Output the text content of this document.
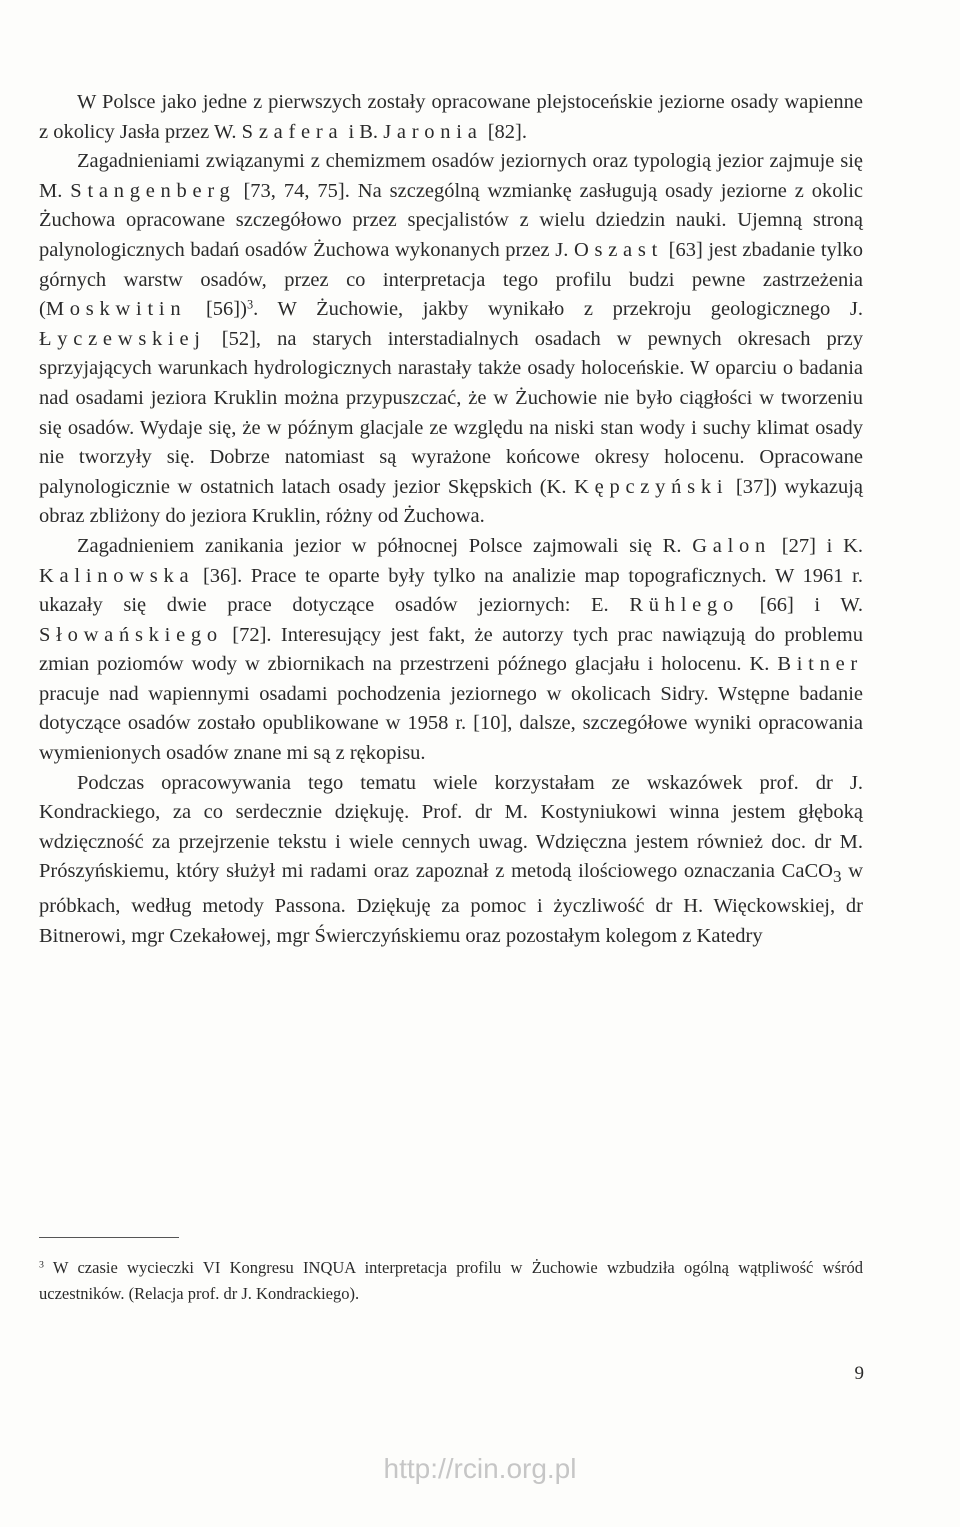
W Polsce jako jedne z pierwszych zostały opracowane plejstoceńskie jeziorne osady wapienne z okolicy Jasła przez W. Szafera i B. Jaronia [82].

Zagadnieniami związanymi z chemizmem osadów jeziornych oraz typologią jezior zajmuje się M. Stangenberg [73, 74, 75]. Na szczególną wzmiankę zasługują osady jeziorne z okolic Żuchowa opracowane szczegółowo przez specjalistów z wielu dziedzin nauki. Ujemną stroną palynologicznych badań osadów Żuchowa wykonanych przez J. Oszast [63] jest zbadanie tylko górnych warstw osadów, przez co interpretacja tego profilu budzi pewne zastrzeżenia (Moskwitin [56])$^3$. W Żuchowie, jakby wynikało z przekroju geologicznego J. Łyczewskiej [52], na starych interstadialnych osadach w pewnych okresach przy sprzyjających warunkach hydrologicznych narastały także osady holoceńskie. W oparciu o badania nad osadami jeziora Kruklin można przypuszczać, że w Żuchowie nie było ciągłości w tworzeniu się osadów. Wydaje się, że w późnym glacjale ze względu na niski stan wody i suchy klimat osady nie tworzyły się. Dobrze natomiast są wyrażone końcowe okresy holocenu. Opracowane palynologicznie w ostatnich latach osady jezior Skępskich (K. Kępczyński [37]) wykazują obraz zbliżony do jeziora Kruklin, różny od Żuchowa.

Zagadnieniem zanikania jezior w północnej Polsce zajmowali się R. Galon [27] i K. Kalinowska [36]. Prace te oparte były tylko na analizie map topograficznych. W 1961 r. ukazały się dwie prace dotyczące osadów jeziornych: E. Rühlego [66] i W. Słowańskiego [72]. Interesujący jest fakt, że autorzy tych prac nawiązują do problemu zmian poziomów wody w zbiornikach na przestrzeni późnego glacjału i holocenu. K. Bitner pracuje nad wapiennymi osadami pochodzenia jeziornego w okolicach Sidry. Wstępne badanie dotyczące osadów zostało opublikowane w 1958 r. [10], dalsze, szczegółowe wyniki opracowania wymienionych osadów znane mi są z rękopisu.

Podczas opracowywania tego tematu wiele korzystałam ze wskazówek prof. dr J. Kondrackiego, za co serdecznie dziękuję. Prof. dr M. Kostyniukowi winna jestem głęboką wdzięczność za przejrzenie tekstu i wiele cennych uwag. Wdzięczna jestem również doc. dr M. Prószyńskiemu, który służył mi radami oraz zapoznał z metodą ilościowego oznaczania CaCO$_3$ w próbkach, według metody Passona. Dziękuję za pomoc i życzliwość dr H. Więckowskiej, dr Bitnerowi, mgr Czekałowej, mgr Świerczyńskiemu oraz pozostałym kolegom z Katedry

$^3$ W czasie wycieczki VI Kongresu INQUA interpretacja profilu w Żuchowie wzbudziła ogólną wątpliwość wśród uczestników. (Relacja prof. dr J. Kondrackiego).
9
http://rcin.org.pl
